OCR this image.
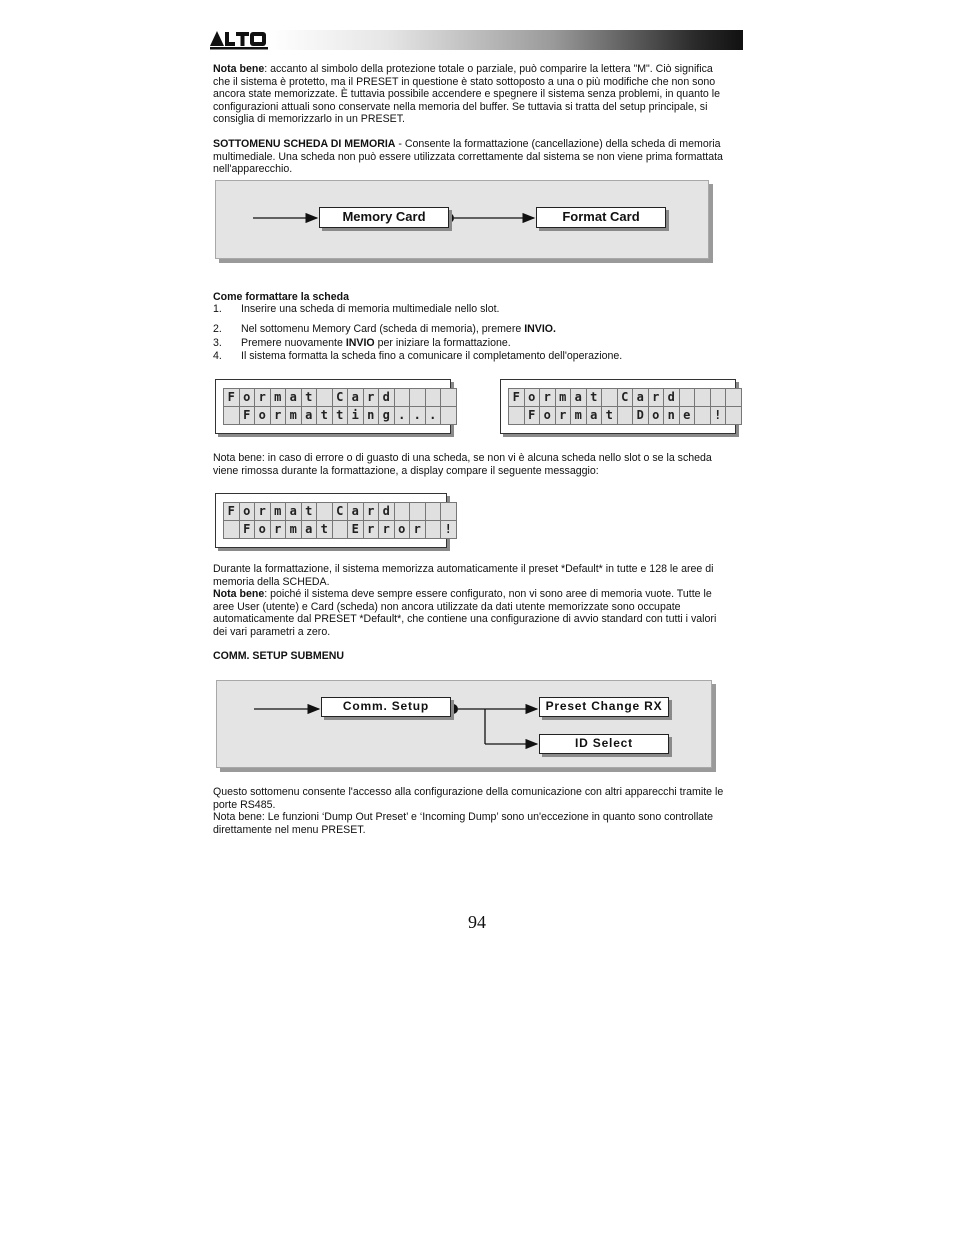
Nota bene: accanto al simbolo della protezione totale o parziale, può comparire la lettera "M". Ciò significa
che il sistema è protetto, ma il PRESET in questione è stato sottoposto a una o più modifiche che non sono
ancora state memorizzate. È tuttavia possibile accendere e spegnere il sistema senza problemi, in quanto le
configurazioni attuali sono conservate nella memoria del buffer. Se tuttavia si tratta del setup principale, si
consiglia di memorizzarlo in un PRESET.
SOTTOMENU SCHEDA DI MEMORIA - Consente la formattazione (cancellazione) della scheda di memoria
multimediale. Una scheda non può essere utilizzata correttamente dal sistema se non viene prima formattata
nell'apparecchio.
Memory Card	Format Card
Come formattare la scheda
1. Inserire una scheda di memoria multimediale nello slot.
2. Nel sottomenu Memory Card (scheda di memoria), premere INVIO.
3. Premere nuovamente INVIO per iniziare la formattazione.
4. Il sistema formatta la scheda fino a comunicare il completamento dell'operazione.
F o r m a t
	C a r d

F o r m a t t i n g . . .

F o r m a t
	C a r d

F o r m a t
	D o n e
	!

Nota bene: in caso di errore o di guasto di una scheda, se non vi è alcuna scheda nello slot o se la scheda
viene rimossa durante la formattazione, a display compare il seguente messaggio:
F o r m a t
	C a r d

F o r m a t
	E r r o r
	!
Durante la formattazione, il sistema memorizza automaticamente il preset *Default* in tutte e 128 le aree di
memoria della SCHEDA.
Nota bene: poiché il sistema deve sempre essere configurato, non vi sono aree di memoria vuote. Tutte le
aree User (utente) e Card (scheda) non ancora utilizzate da dati utente memorizzate sono occupate
automaticamente dal PRESET *Default*, che contiene una configurazione di avvio standard con tutti i valori
dei vari parametri a zero.
COMM. SETUP SUBMENU
Comm. Setup	Preset Change RX
ID Select
Questo sottomenu consente l'accesso alla configurazione della comunicazione con altri apparecchi tramite le
porte RS485.
Nota bene: Le funzioni ‘Dump Out Preset’ e ‘Incoming Dump’ sono un'eccezione in quanto sono controllate
direttamente nel menu PRESET.
94
